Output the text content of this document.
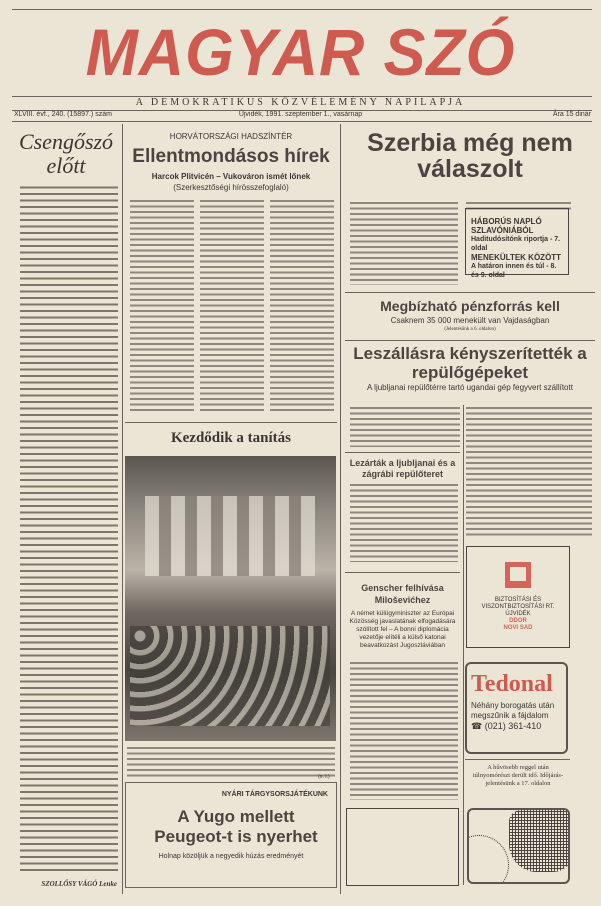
MAGYAR SZÓ
A DEMOKRATIKUS KÖZVÉLEMÉNY NAPILAPJA
XLVIII. évf., 240. (15897.) szám	Újvidék, 1991. szeptember 1., vasárnap	Ára 15 dinár
Csengőszó
előtt
SZOLLŐSY VÁGÓ Lenke
HORVÁTORSZÁGI HADSZÍNTÉR
Ellentmondásos hírek
Harcok Plitvicén – Vukováron ismét lőnek
(Szerkesztőségi hírösszefoglaló)
Kezdődik a tanítás
(n. I.)
NYÁRI TÁRGYSORSJÁTÉKUNK
A Yugo mellett Peugeot-t is nyerhet
Holnap közöljük a negyedik húzás eredményét
Szerbia még nem válaszolt
HÁBORÚS NAPLÓ SZLAVÓNIÁBÓL
Haditudósítónk riportja - 7. oldal
MENEKÜLTEK KÖZÖTT
A határon innen és túl - 8. és 9. oldal
Megbízható pénzforrás kell
Csaknem 35 000 menekült van Vajdaságban
(Jelentésünk a 6. oldalon)
Leszállásra kényszerítették a repülőgépeket
A ljubljanai repülőtérre tartó ugandai gép fegyvert szállított
Lezárták a ljubljanai és a zágrábi repülőteret
Genscher felhívása Miloševićhez
A német külügyminiszter az Európai Közösség javaslatának elfogadására szólított fel – A bonni diplomácia vezetője elítéli a külső katonai beavatkozást Jugoszláviában
BIZTOSÍTÁSI ÉS
VISZONTBIZTOSÍTÁSI RT.
ÚJVIDÉK
DDOR
NOVI SAD
Tedonal
Néhány borogatás után
megszűnik a fájdalom
☎ (021) 361-410
A hűvösebb reggel után túlnyomórészt derült idő. Időjárás-jelentésünk a 17. oldalon
